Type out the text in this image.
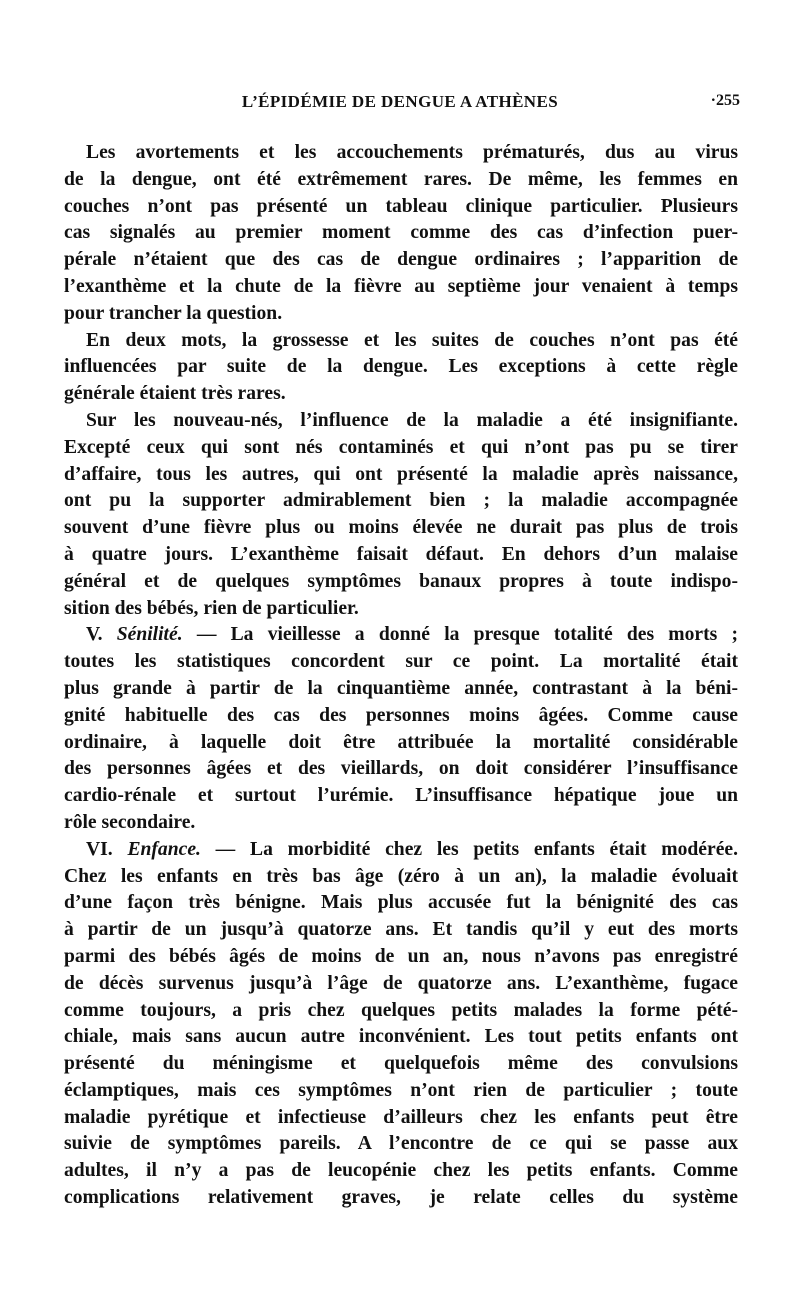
L’ÉPIDÉMIE DE DENGUE A ATHÈNES	·255
Les avortements et les accouchements prématurés, dus au virus
de la dengue, ont été extrêmement rares. De même, les femmes en
couches n’ont pas présenté un tableau clinique particulier. Plusieurs
cas signalés au premier moment comme des cas d’infection puer-
pérale n’étaient que des cas de dengue ordinaires ; l’apparition de
l’exanthème et la chute de la fièvre au septième jour venaient à temps
pour trancher la question.
En deux mots, la grossesse et les suites de couches n’ont pas été
influencées par suite de la dengue. Les exceptions à cette règle
générale étaient très rares.
Sur les nouveau-nés, l’influence de la maladie a été insignifiante.
Excepté ceux qui sont nés contaminés et qui n’ont pas pu se tirer
d’affaire, tous les autres, qui ont présenté la maladie après naissance,
ont pu la supporter admirablement bien ; la maladie accompagnée
souvent d’une fièvre plus ou moins élevée ne durait pas plus de trois
à quatre jours. L’exanthème faisait défaut. En dehors d’un malaise
général et de quelques symptômes banaux propres à toute indispo-
sition des bébés, rien de particulier.
V. Sénilité. — La vieillesse a donné la presque totalité des morts ;
toutes les statistiques concordent sur ce point. La mortalité était
plus grande à partir de la cinquantième année, contrastant à la béni-
gnité habituelle des cas des personnes moins âgées. Comme cause
ordinaire, à laquelle doit être attribuée la mortalité considérable
des personnes âgées et des vieillards, on doit considérer l’insuffisance
cardio-rénale et surtout l’urémie. L’insuffisance hépatique joue un
rôle secondaire.
VI. Enfance. — La morbidité chez les petits enfants était modérée.
Chez les enfants en très bas âge (zéro à un an), la maladie évoluait
d’une façon très bénigne. Mais plus accusée fut la bénignité des cas
à partir de un jusqu’à quatorze ans. Et tandis qu’il y eut des morts
parmi des bébés âgés de moins de un an, nous n’avons pas enregistré
de décès survenus jusqu’à l’âge de quatorze ans. L’exanthème, fugace
comme toujours, a pris chez quelques petits malades la forme pété-
chiale, mais sans aucun autre inconvénient. Les tout petits enfants ont
présenté du méningisme et quelquefois même des convulsions
éclamptiques, mais ces symptômes n’ont rien de particulier ; toute
maladie pyrétique et infectieuse d’ailleurs chez les enfants peut être
suivie de symptômes pareils. A l’encontre de ce qui se passe aux
adultes, il n’y a pas de leucopénie chez les petits enfants. Comme
complications relativement graves, je relate celles du système
